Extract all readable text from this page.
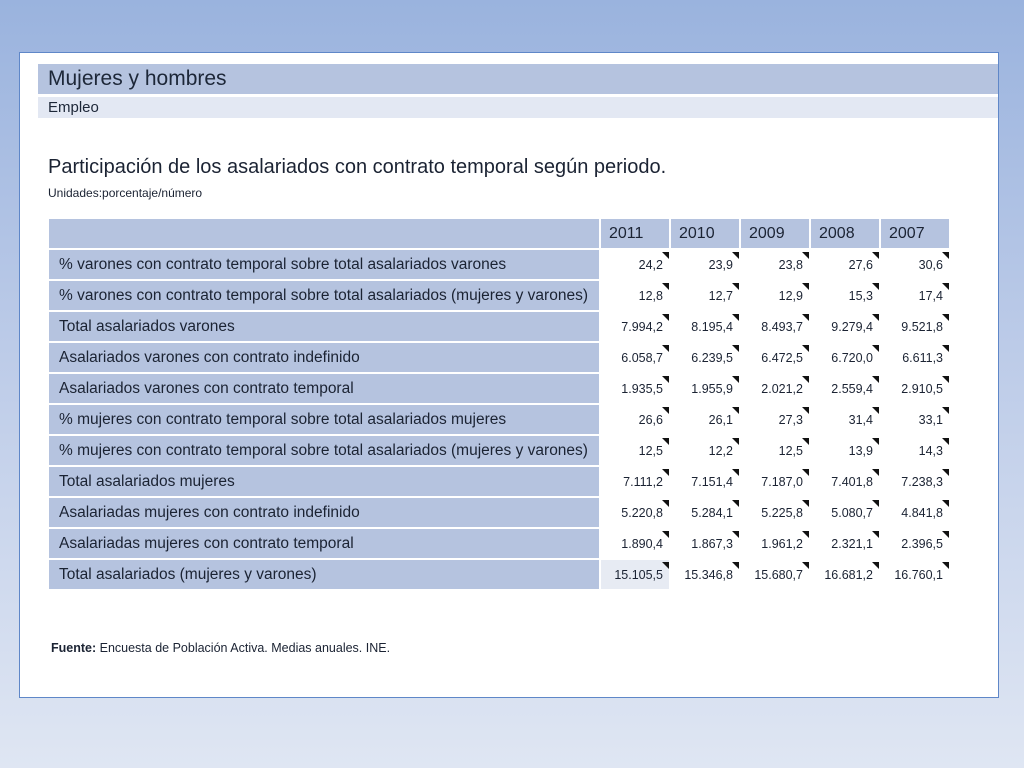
Mujeres y hombres
Empleo
Participación de los asalariados con contrato temporal según periodo.
Unidades:porcentaje/número
	2011	2010	2009	2008	2007
% varones con contrato temporal sobre total asalariados varones	24,2	23,9	23,8	27,6	30,6

% varones con contrato temporal sobre total asalariados (mujeres y varones)	12,8	12,7	12,9	15,3	17,4

Total asalariados varones	7.994,2	8.195,4	8.493,7	9.279,4	9.521,8

Asalariados varones con contrato indefinido	6.058,7	6.239,5	6.472,5	6.720,0	6.611,3

Asalariados varones con contrato temporal	1.935,5	1.955,9	2.021,2	2.559,4	2.910,5

% mujeres con contrato temporal sobre total asalariados mujeres	26,6	26,1	27,3	31,4	33,1

% mujeres con contrato temporal sobre total asalariados (mujeres y varones)	12,5	12,2	12,5	13,9	14,3

Total asalariados mujeres	7.111,2	7.151,4	7.187,0	7.401,8	7.238,3

Asalariadas mujeres con contrato indefinido	5.220,8	5.284,1	5.225,8	5.080,7	4.841,8

Asalariadas mujeres con contrato temporal	1.890,4	1.867,3	1.961,2	2.321,1	2.396,5

Total asalariados (mujeres y varones)	15.105,5	15.346,8	15.680,7	16.681,2	16.760,1
Fuente: Encuesta de Población Activa. Medias anuales. INE.
